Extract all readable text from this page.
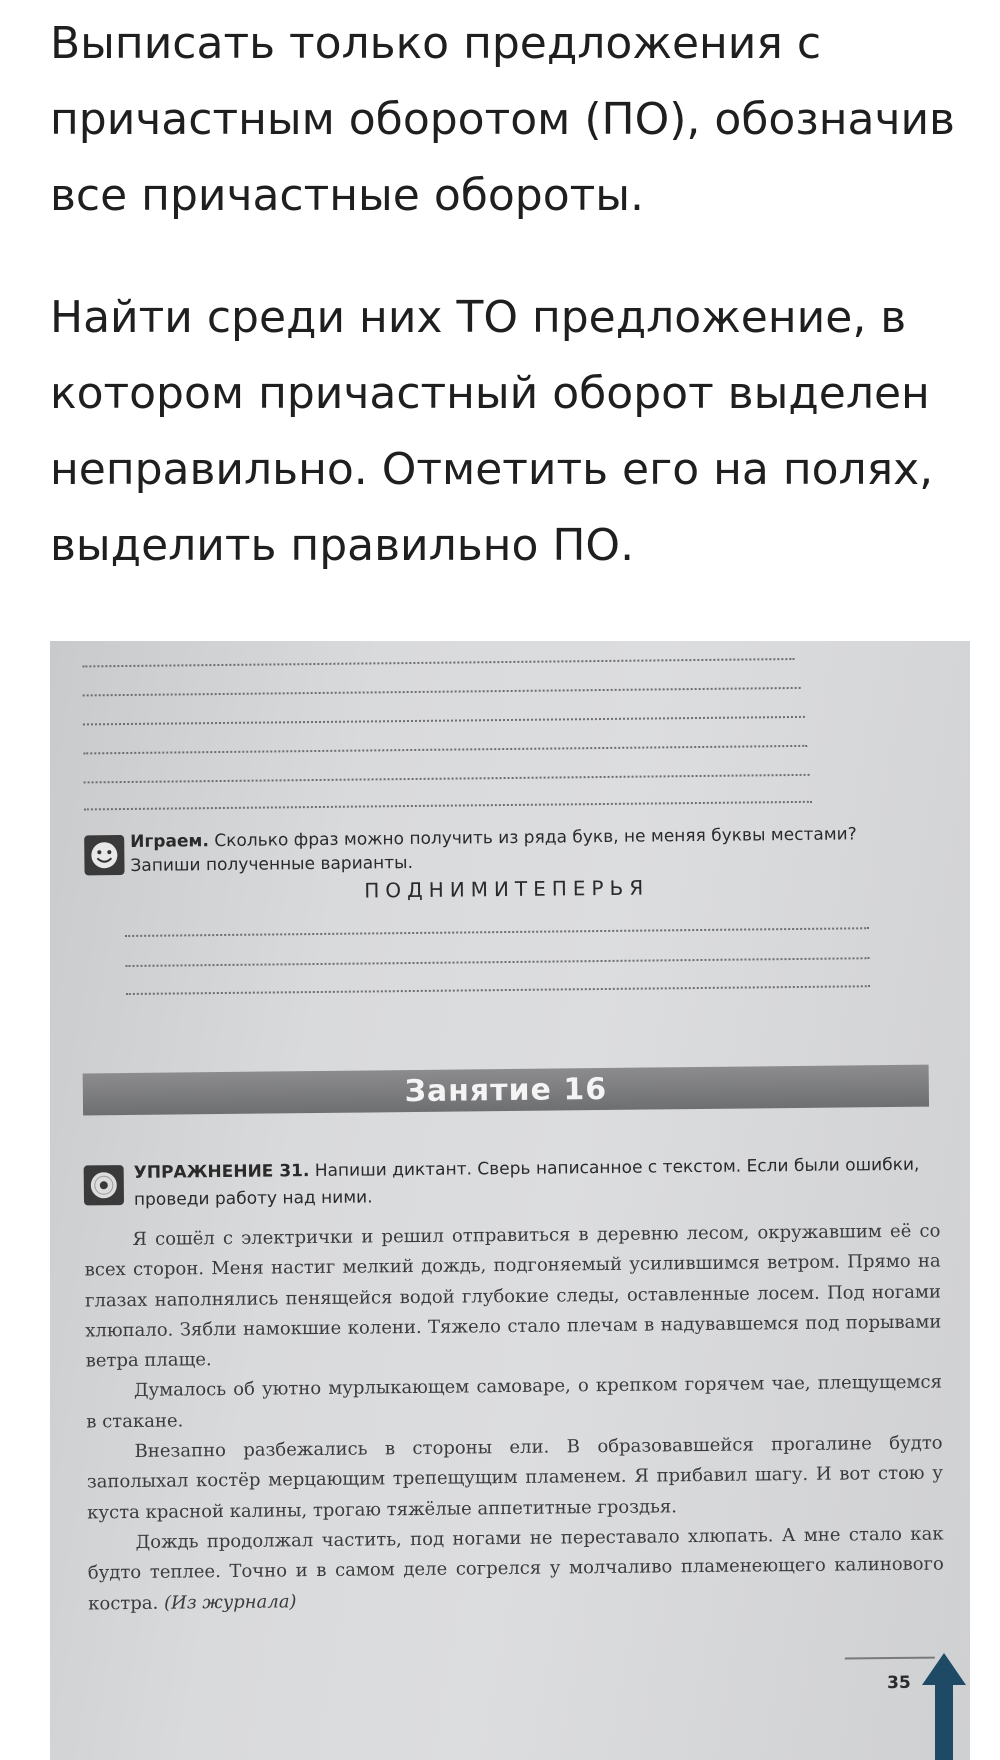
Выписать только предложения с причастным оборотом (ПО), обозначив все причастные обороты.

Найти среди них ТО предложение, в котором причастный оборот выделен неправильно. Отметить его на полях, выделить правильно ПО.

Играем. Сколько фраз можно получить из ряда букв, не меняя буквы местами? Запиши полученные варианты.
ПОДНИМИТЕПЕРЬЯ
Занятие 16
УПРАЖНЕНИЕ 31. Напиши диктант. Сверь написанное с текстом. Если были ошибки, проведи работу над ними.

Я сошёл с электрички и решил отправиться в деревню лесом, окружавшим её со всех сторон. Меня настиг мелкий дождь, подгоняемый усилившимся ветром. Прямо на глазах наполнялись пенящейся водой глубокие следы, оставленные лосем. Под ногами хлюпало. Зябли намокшие колени. Тяжело стало плечам в надувавшемся под порывами ветра плаще.

Думалось об уютно мурлыкающем самоваре, о крепком горячем чае, плещущемся в стакане.

Внезапно разбежались в стороны ели. В образовавшейся прогалине будто заполыхал костёр мерцающим трепещущим пламенем. Я прибавил шагу. И вот стою у куста красной калины, трогаю тяжёлые аппетитные гроздья.

Дождь продолжал частить, под ногами не переставало хлюпать. А мне стало как будто теплее. Точно и в самом деле согрелся у молчаливо пламенеющего калинового костра. (Из журнала)

35
